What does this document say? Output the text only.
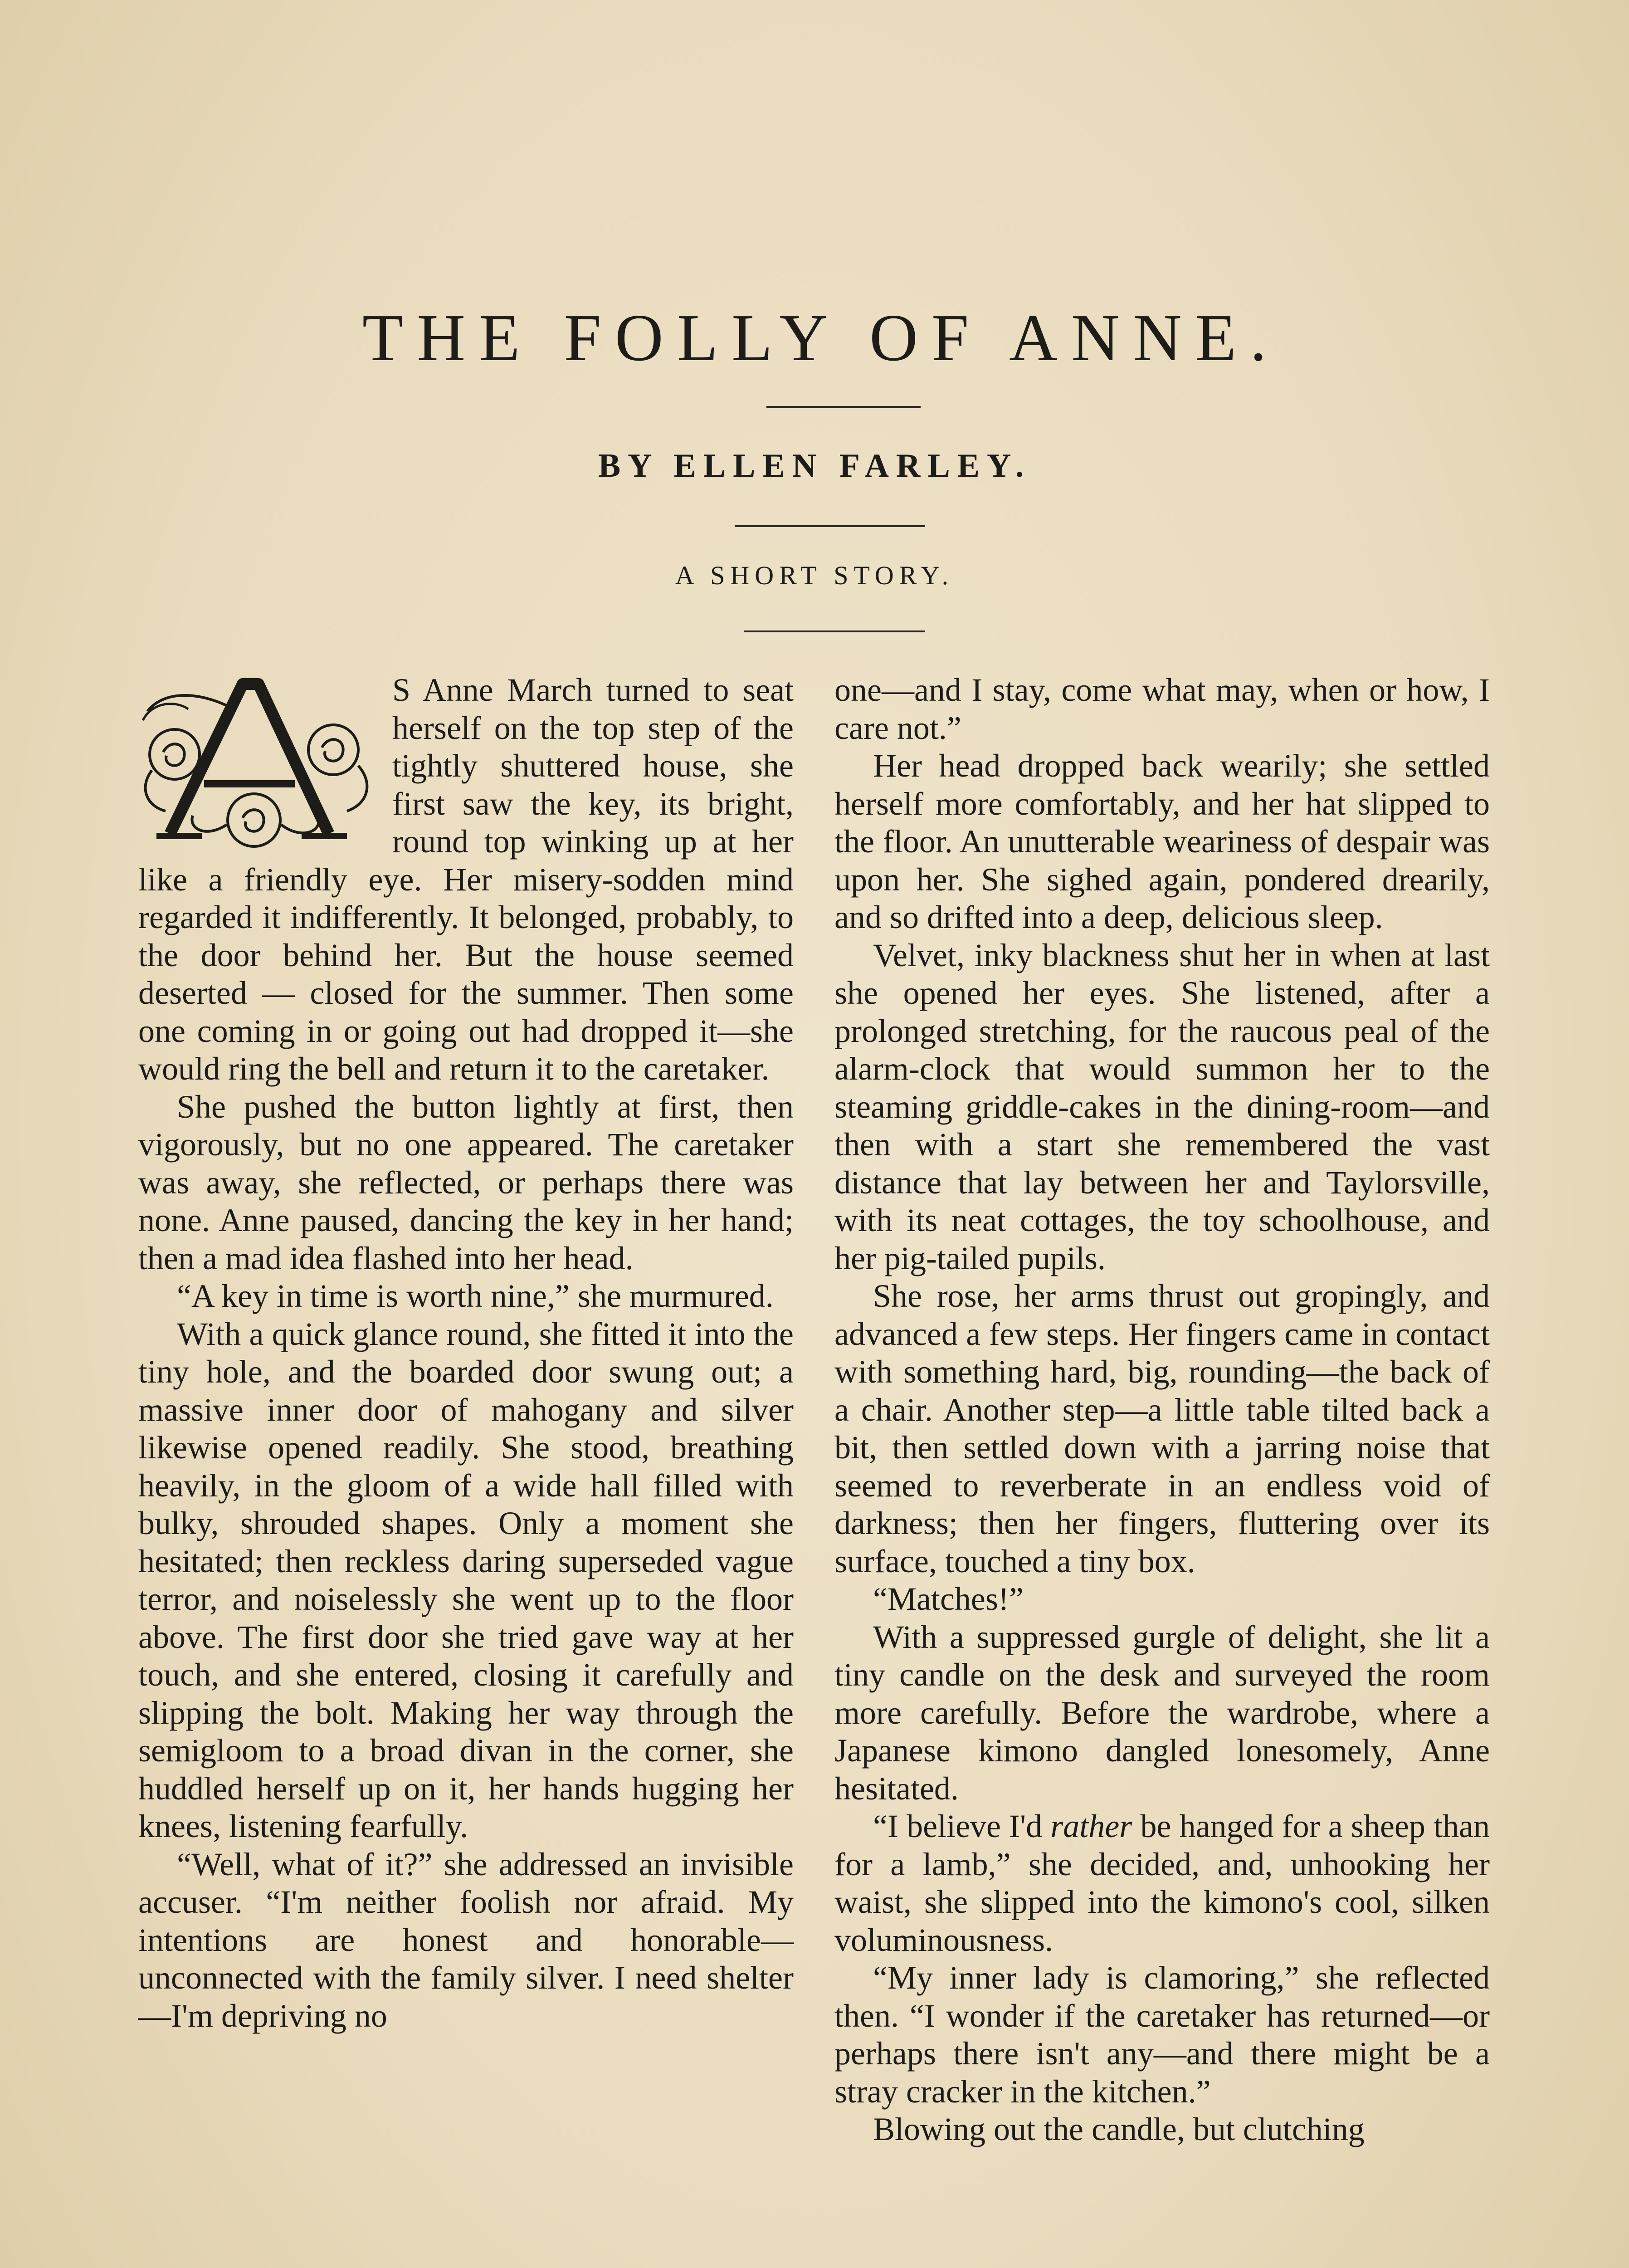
THE FOLLY OF ANNE.
BY ELLEN FARLEY.
A SHORT STORY.

S Anne March turned to seat herself on the top step of the tightly shuttered house, she first saw the key, its bright, round top winking up at her like a friendly eye. Her misery-sodden mind regarded it indifferently. It belonged, probably, to the door behind her. But the house seemed deserted — closed for the summer. Then some one coming in or going out had dropped it—she would ring the bell and return it to the caretaker.

She pushed the button lightly at first, then vigorously, but no one appeared. The caretaker was away, she reflected, or perhaps there was none. Anne paused, dancing the key in her hand; then a mad idea flashed into her head.

“A key in time is worth nine,” she murmured.

With a quick glance round, she fitted it into the tiny hole, and the boarded door swung out; a massive inner door of mahogany and silver likewise opened readily. She stood, breathing heavily, in the gloom of a wide hall filled with bulky, shrouded shapes. Only a moment she hesitated; then reckless daring superseded vague terror, and noiselessly she went up to the floor above. The first door she tried gave way at her touch, and she entered, closing it carefully and slipping the bolt. Making her way through the semigloom to a broad divan in the corner, she huddled herself up on it, her hands hugging her knees, listening fearfully.

“Well, what of it?” she addressed an invisible accuser. “I'm neither foolish nor afraid. My intentions are honest and honorable—unconnected with the family silver. I need shelter—I'm depriving no

one—and I stay, come what may, when or how, I care not.”

Her head dropped back wearily; she settled herself more comfortably, and her hat slipped to the floor. An unutterable weariness of despair was upon her. She sighed again, pondered drearily, and so drifted into a deep, delicious sleep.

Velvet, inky blackness shut her in when at last she opened her eyes. She listened, after a prolonged stretching, for the raucous peal of the alarm-clock that would summon her to the steaming griddle-cakes in the dining-room—and then with a start she remembered the vast distance that lay between her and Taylorsville, with its neat cottages, the toy schoolhouse, and her pig-tailed pupils.

She rose, her arms thrust out gropingly, and advanced a few steps. Her fingers came in contact with something hard, big, rounding—the back of a chair. Another step—a little table tilted back a bit, then settled down with a jarring noise that seemed to reverberate in an endless void of darkness; then her fingers, fluttering over its surface, touched a tiny box.

“Matches!”

With a suppressed gurgle of delight, she lit a tiny candle on the desk and surveyed the room more carefully. Before the wardrobe, where a Japanese kimono dangled lonesomely, Anne hesitated.

“I believe I'd rather be hanged for a sheep than for a lamb,” she decided, and, unhooking her waist, she slipped into the kimono's cool, silken voluminousness.

“My inner lady is clamoring,” she reflected then. “I wonder if the caretaker has returned—or perhaps there isn't any—and there might be a stray cracker in the kitchen.”

Blowing out the candle, but clutching
